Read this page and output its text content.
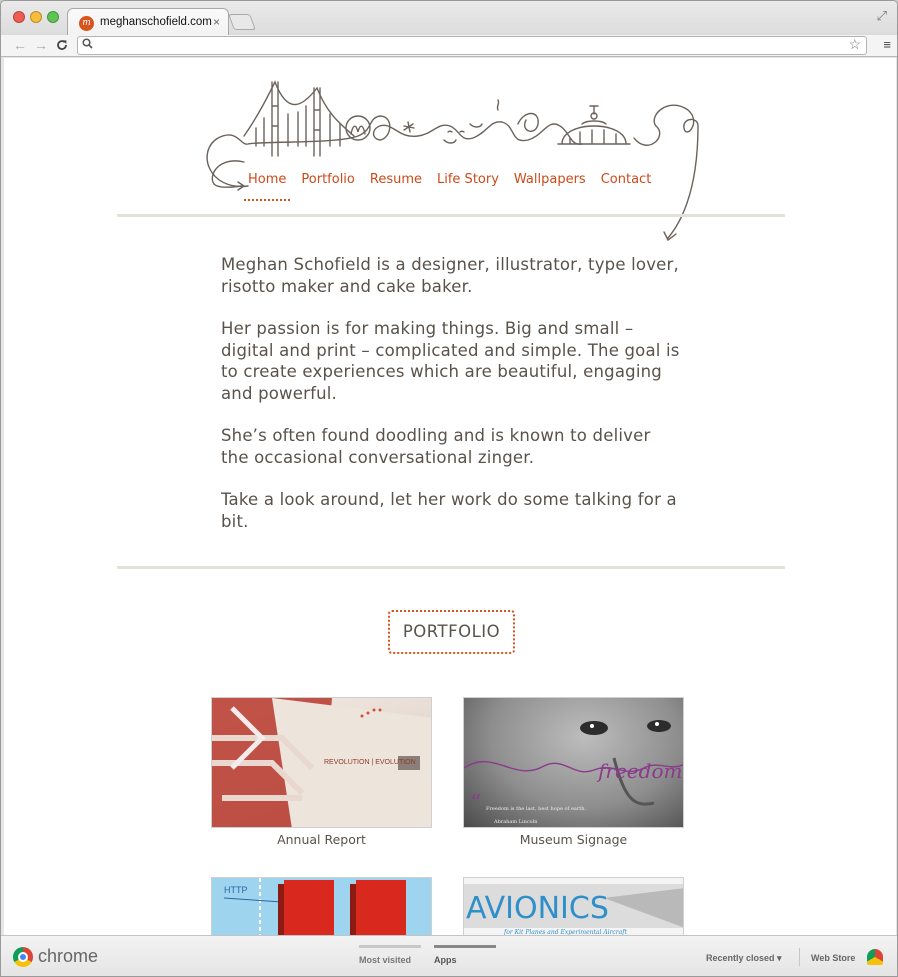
m meghanschofield.com ×	⤢
← →	☆ ≡
Home Portfolio Resume Life Story Wallpapers Contact

Meghan Schofield is a designer, illustrator, type lover, risotto maker and cake baker.

Her passion is for making things. Big and small – digital and print – complicated and simple. The goal is to create experiences which are beautiful, engaging and powerful.

She’s often found doodling and is known to deliver the occasional conversational zinger.

Take a look around, let her work do some talking for a bit.

PORTFOLIO
REVOLUTION | EVOLUTION
Annual Report
freedom
“ Freedom is the last, best hope of earth.
Abraham Lincoln
Museum Signage
HTTP
AVIONICS
for Kit Planes and Experimental Aircraft
chrome	Most visited	Apps	Recently closed ▾	Web Store
